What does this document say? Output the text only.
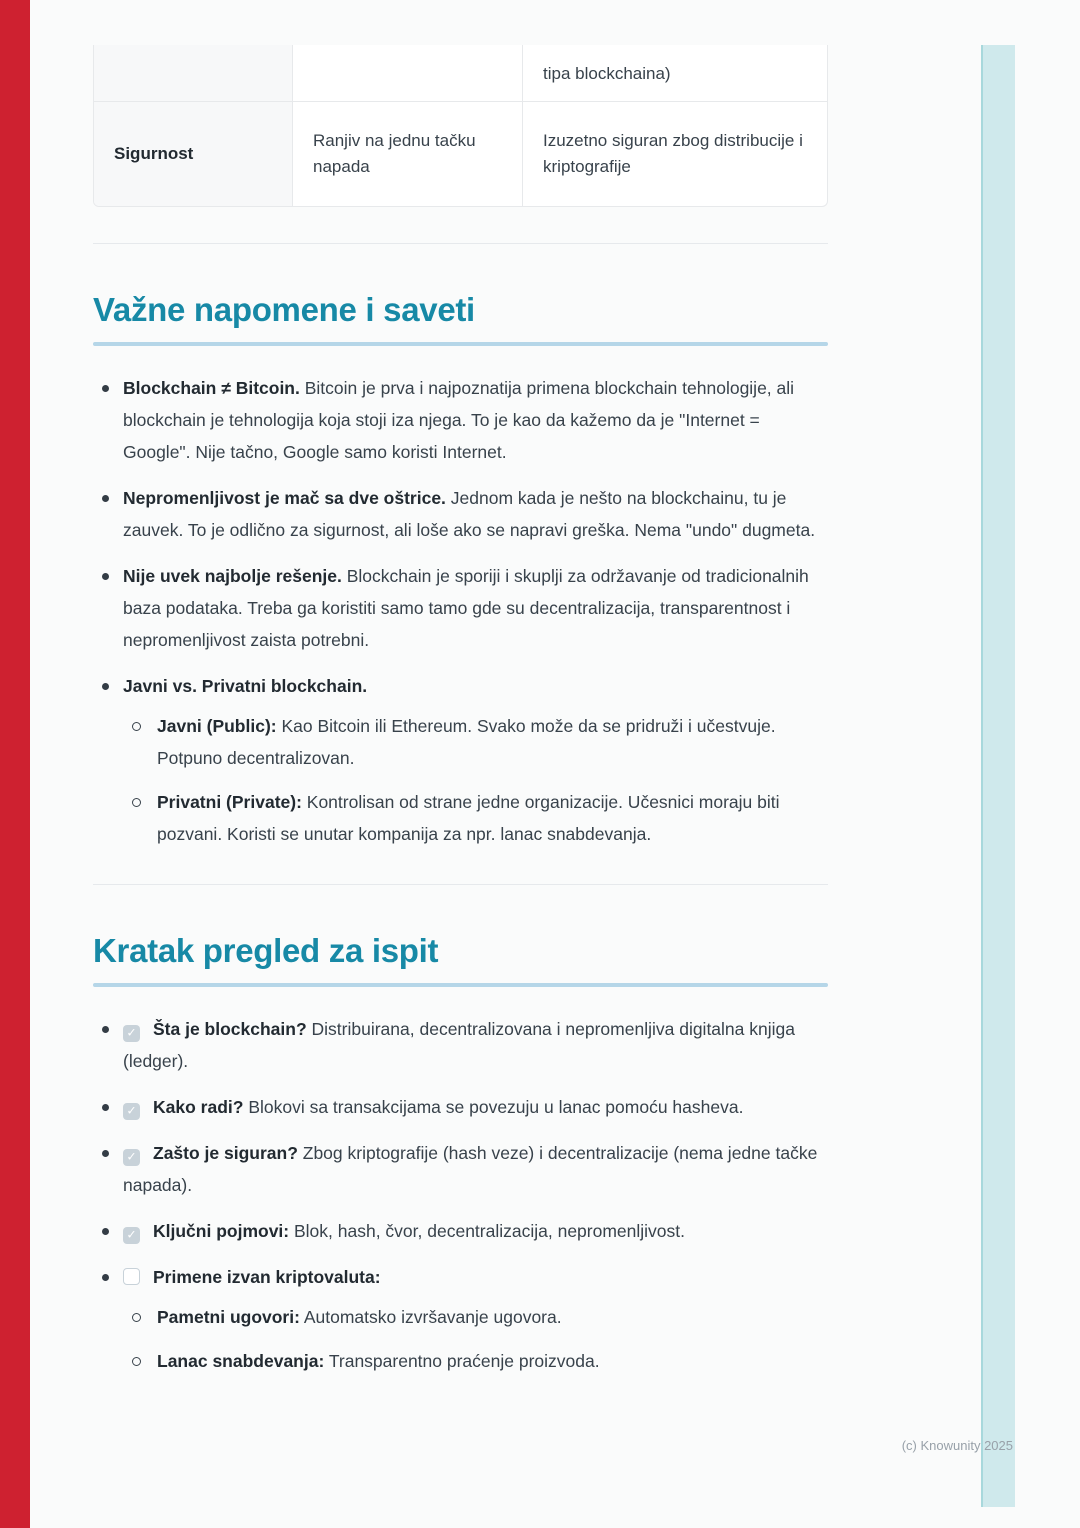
tipa blockchaina)
Sigurnost
Ranjiv na jednu tačku napada
Izuzetno siguran zbog distribucije i kriptografije
Važne napomene i saveti
Blockchain ≠ Bitcoin. Bitcoin je prva i najpoznatija primena blockchain tehnologije, ali blockchain je tehnologija koja stoji iza njega. To je kao da kažemo da je "Internet = Google". Nije tačno, Google samo koristi Internet.
Nepromenljivost je mač sa dve oštrice. Jednom kada je nešto na blockchainu, tu je zauvek. To je odlično za sigurnost, ali loše ako se napravi greška. Nema "undo" dugmeta.
Nije uvek najbolje rešenje. Blockchain je sporiji i skuplji za održavanje od tradicionalnih baza podataka. Treba ga koristiti samo tamo gde su decentralizacija, transparentnost i nepromenljivost zaista potrebni.
Javni vs. Privatni blockchain.
Javni (Public): Kao Bitcoin ili Ethereum. Svako može da se pridruži i učestvuje. Potpuno decentralizovan.
Privatni (Private): Kontrolisan od strane jedne organizacije. Učesnici moraju biti pozvani. Koristi se unutar kompanija za npr. lanac snabdevanja.
Kratak pregled za ispit
✓ Šta je blockchain? Distribuirana, decentralizovana i nepromenljiva digitalna knjiga (ledger).
✓ Kako radi? Blokovi sa transakcijama se povezuju u lanac pomoću hasheva.
✓ Zašto je siguran? Zbog kriptografije (hash veze) i decentralizacije (nema jedne tačke napada).
✓ Ključni pojmovi: Blok, hash, čvor, decentralizacija, nepromenljivost.
Primene izvan kriptovaluta:
Pametni ugovori: Automatsko izvršavanje ugovora.
Lanac snabdevanja: Transparentno praćenje proizvoda.
(c) Knowunity 2025
